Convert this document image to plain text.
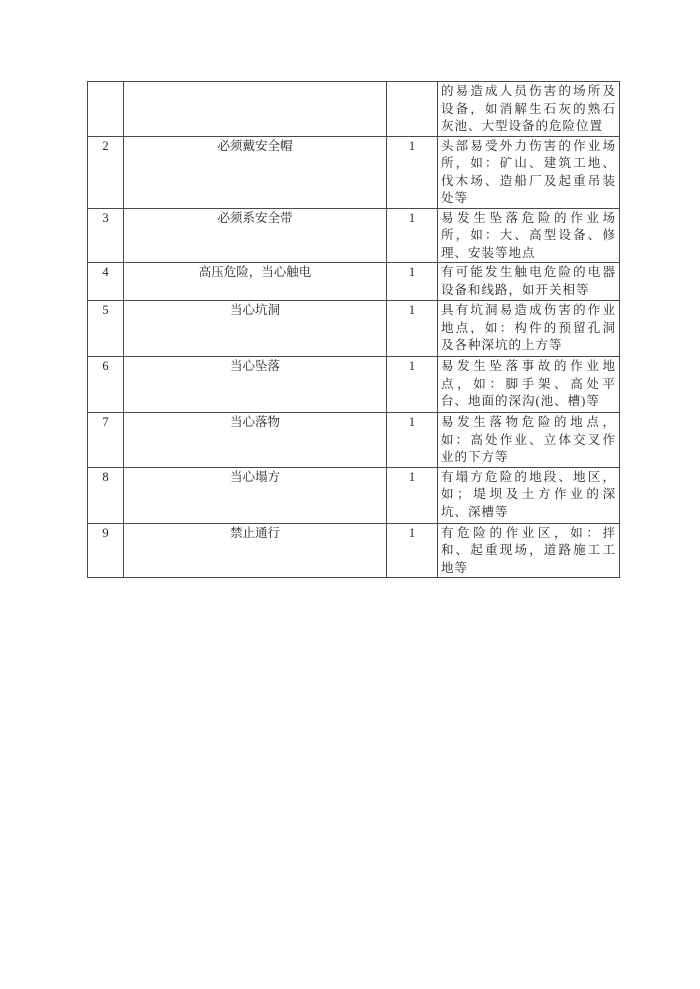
			的易造成人员伤害的场所及设备，如消解生石灰的熟石灰池、大型设备的危险位置
2	必须戴安全帽	1	头部易受外力伤害的作业场所，如：矿山、建筑工地、伐木场、造船厂及起重吊装处等
3	必须系安全带	1	易发生坠落危险的作业场所，如：大、高型设备、修理、安装等地点
4	高压危险，当心触电	1	有可能发生触电危险的电器设备和线路，如开关相等
5	当心坑洞	1	具有坑洞易造成伤害的作业地点，如：构件的预留孔洞及各种深坑的上方等
6	当心坠落	1	易发生坠落事故的作业地点，如：脚手架、高处平台、地面的深沟(池、槽)等
7	当心落物	1	易发生落物危险的地点，如：高处作业、立体交叉作业的下方等
8	当心塌方	1	有塌方危险的地段、地区，如；堤坝及土方作业的深坑、深槽等
9	禁止通行	1	有危险的作业区，如：拌和、起重现场，道路施工工地等
